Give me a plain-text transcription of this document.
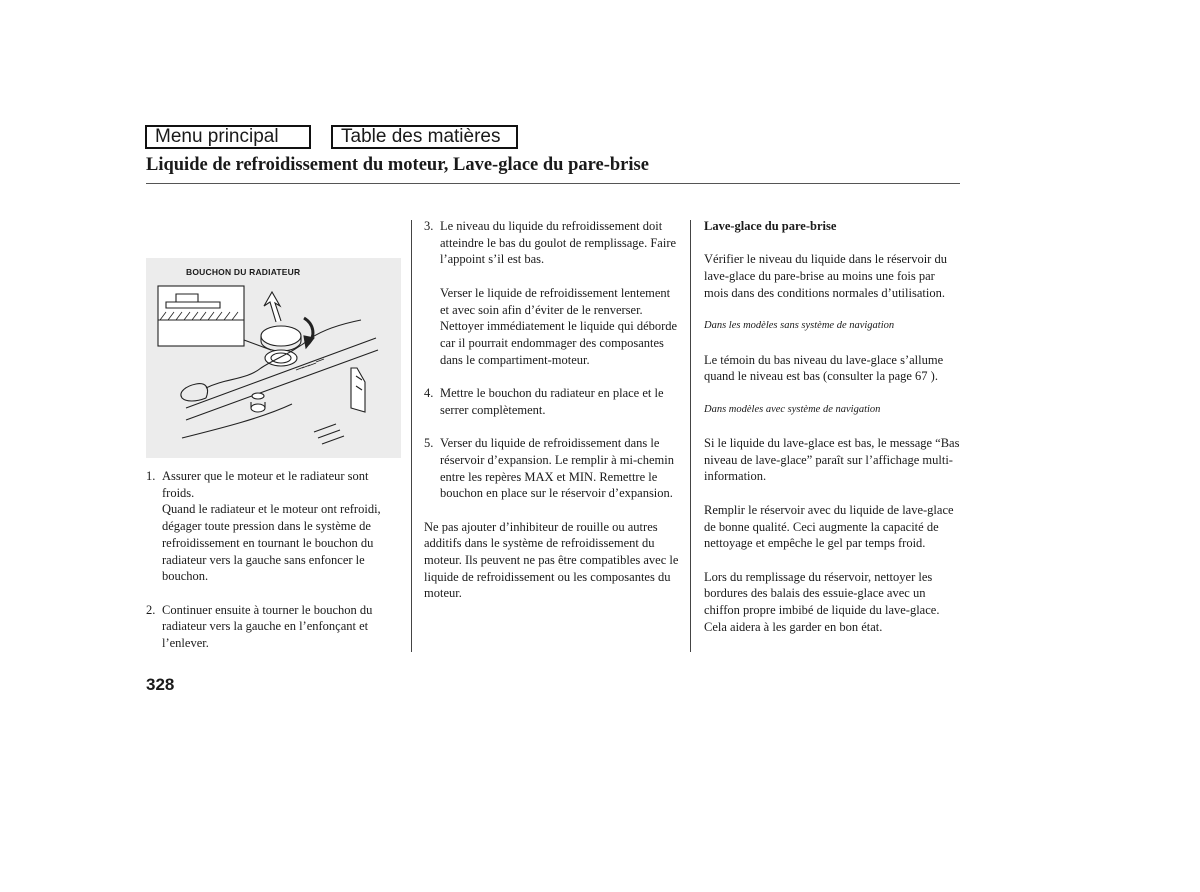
Menu principal	Table des matières
Liquide de refroidissement du moteur, Lave-glace du pare-brise
BOUCHON DU RADIATEUR
1. Assurer que le moteur et le radiateur sont froids.

Quand le radiateur et le moteur ont refroidi, dégager toute pression dans le système de refroidissement en tournant le bouchon du radiateur vers la gauche sans enfoncer le bouchon.

2. Continuer ensuite à tourner le bouchon du radiateur vers la gauche en l’enfonçant et l’enlever.

3. Le niveau du liquide du refroidissement doit atteindre le bas du goulot de remplissage. Faire l’appoint s’il est bas.

Verser le liquide de refroidissement lentement et avec soin afin d’éviter de le renverser. Nettoyer immédiatement le liquide qui déborde car il pourrait endommager des composantes dans le compartiment-moteur.

4. Mettre le bouchon du radiateur en place et le serrer complètement.

5. Verser du liquide de refroidissement dans le réservoir d’expansion. Le remplir à mi-chemin entre les repères MAX et MIN. Remettre le bouchon en place sur le réservoir d’expansion.

Ne pas ajouter d’inhibiteur de rouille ou autres additifs dans le système de refroidissement du moteur. Ils peuvent ne pas être compatibles avec le liquide de refroidissement ou les composantes du moteur.

Lave-glace du pare-brise

Vérifier le niveau du liquide dans le réservoir du lave-glace du pare-brise au moins une fois par mois dans des conditions normales d’utilisation.

Dans les modèles sans système de navigation

Le témoin du bas niveau du lave-glace s’allume quand le niveau est bas (consulter la page 67 ).

Dans modèles avec système de navigation

Si le liquide du lave-glace est bas, le message “Bas niveau de lave-glace” paraît sur l’affichage multi-information.

Remplir le réservoir avec du liquide de lave-glace de bonne qualité. Ceci augmente la capacité de nettoyage et empêche le gel par temps froid.

Lors du remplissage du réservoir, nettoyer les bordures des balais des essuie-glace avec un chiffon propre imbibé de liquide du lave-glace. Cela aidera à les garder en bon état.

328
